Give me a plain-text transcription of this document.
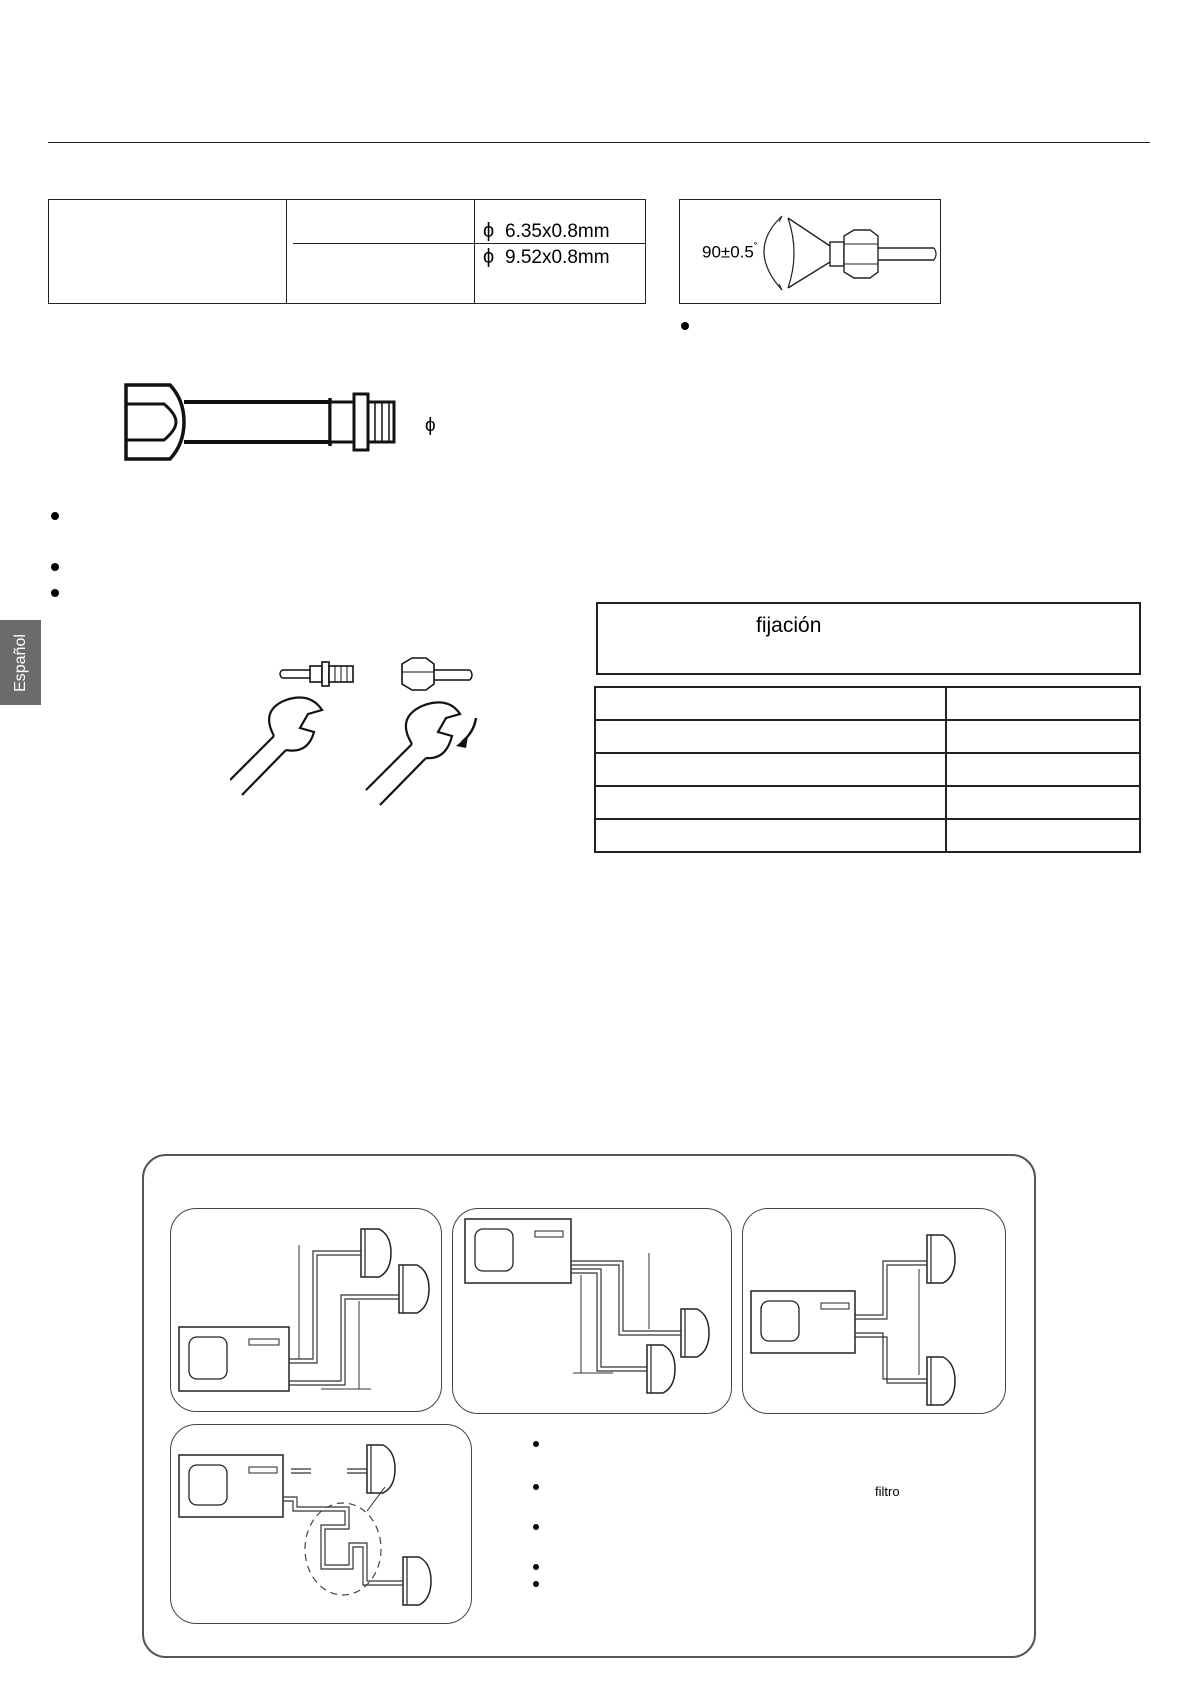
ϕ 6.35x0.8mm
ϕ 9.52x0.8mm	90±0.5˚
ϕ
Español
fijación

filtro
